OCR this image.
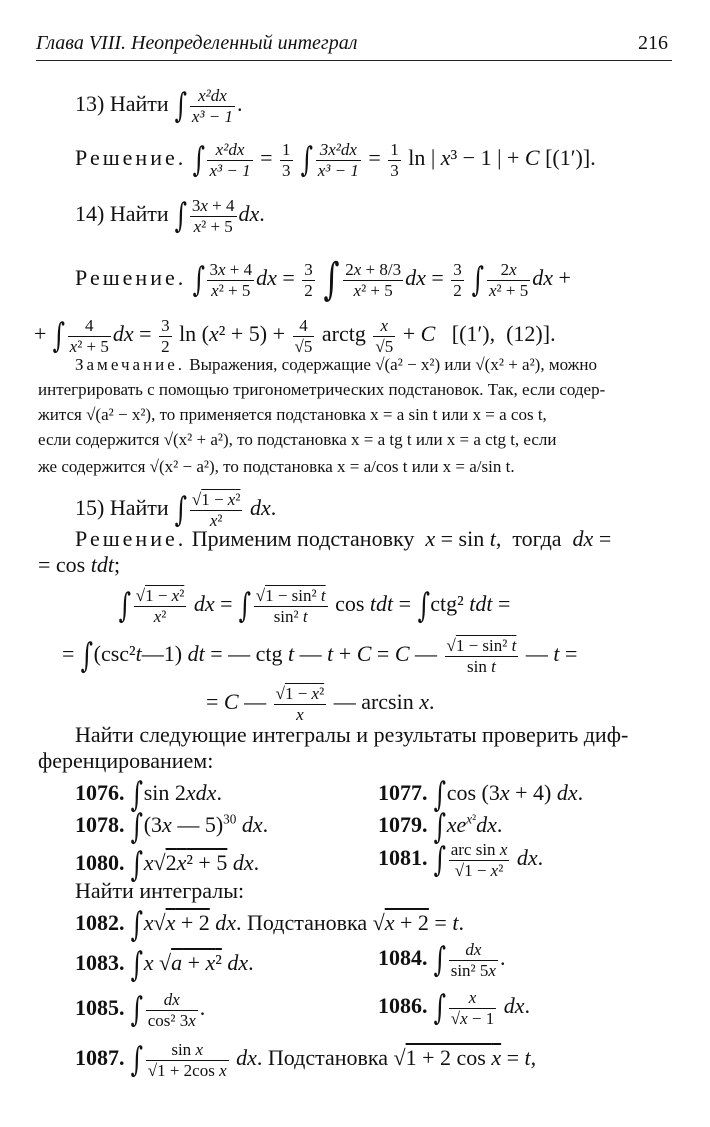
Глава VIII. Неопределенный интеграл	216
13) Найти ∫ $\frac{\text{x²dx}}{\text{x³ − 1}}$ .
Решение. ∫ $\frac{\text{x²dx}}{\text{x³ − 1}} = \frac{1}{3}$ ∫ $\frac{\text{3x²dx}}{\text{x³ − 1}} = \frac{1}{3}$ ln | x³ − 1 | + C [(1′)].
14) Найти ∫ $\frac{3x + 4}{\text{x² + 5}}$ dx.
Решение. ∫ $\frac{3x + 4}{\text{x² + 5}}$ dx = $\frac{3}{2}$ ∫ $\frac{2x + 8/3}{\text{x² + 5}}$ dx = $\frac{3}{2}$ ∫ $\frac{2x}{\text{x² + 5}}$ dx +
+ ∫ $\frac{4}{\text{x² + 5}}$ dx = $\frac{3}{2}$ $\ln (x^2 + 5) + \frac{4}{√5}$ arctg $\frac{x}{√5} + C$   [(1′),  (12)].
Замечание. Выражения, содержащие √(a² − x²) или √(x² + a²), можно
интегрировать с помощью тригонометрических подстановок. Так, если содер-
жится √(a² − x²), то применяется подстановка x = a sin t или x = a cos t,
если содержится √(x² + a²), то подстановка x = a tg t или x = a ctg t, если
же содержится √(x² − a²), то подстановка x = a/cos t или x = a/sin t.
15) Найти ∫ $\frac{\text{√1 − x²}}{\text{x²}}$ dx.
Решение. Применим подстановку x = sin t,  тогда dx =
= cos tdt;
∫ $\frac{\text{√1 − x²}}{\text{x²}}$ dx = ∫ $\frac{\text{√1 − sin² t}}{\text{sin² t}}$ cos tdt = ∫ctg² tdt =
= ∫(csc²t—1) dt = — ctg t — t + C = C — $\frac{\text{√1 − sin² t}}{\text{sin t}}$ — t =
= C — $\frac{\text{√1 − x²}}{x}$ — arcsin x.
Найти следующие интегралы и результаты проверить диф-
ференцированием:
1076. ∫sin 2xdx.	1077. ∫cos (3x + 4) dx.
1078. ∫(3x — 5)$^{30}$ dx.	1079. $\int xe^{x^2}dx$.
1080. ∫x√2x² + 5 dx.	1081. ∫ $\frac{\text{arc sin x}}{\text{√1 − x²}}$ dx.
Найти интегралы:
1082. ∫x√x + 2 dx. Подстановка √x + 2 = t.
1083. ∫x √a + x² dx.	1084. ∫ $\frac{dx}{\text{sin² 5x}}$ .
1085. ∫ $\frac{dx}{\text{cos² 3x}}$ .	1086. ∫ $\frac{x}{√x - 1}$ dx.
1087. ∫ $\frac{\text{sin x}}{\text{√1 + 2cos x}}$ dx. Подстановка √1 + 2 cos x = t,
